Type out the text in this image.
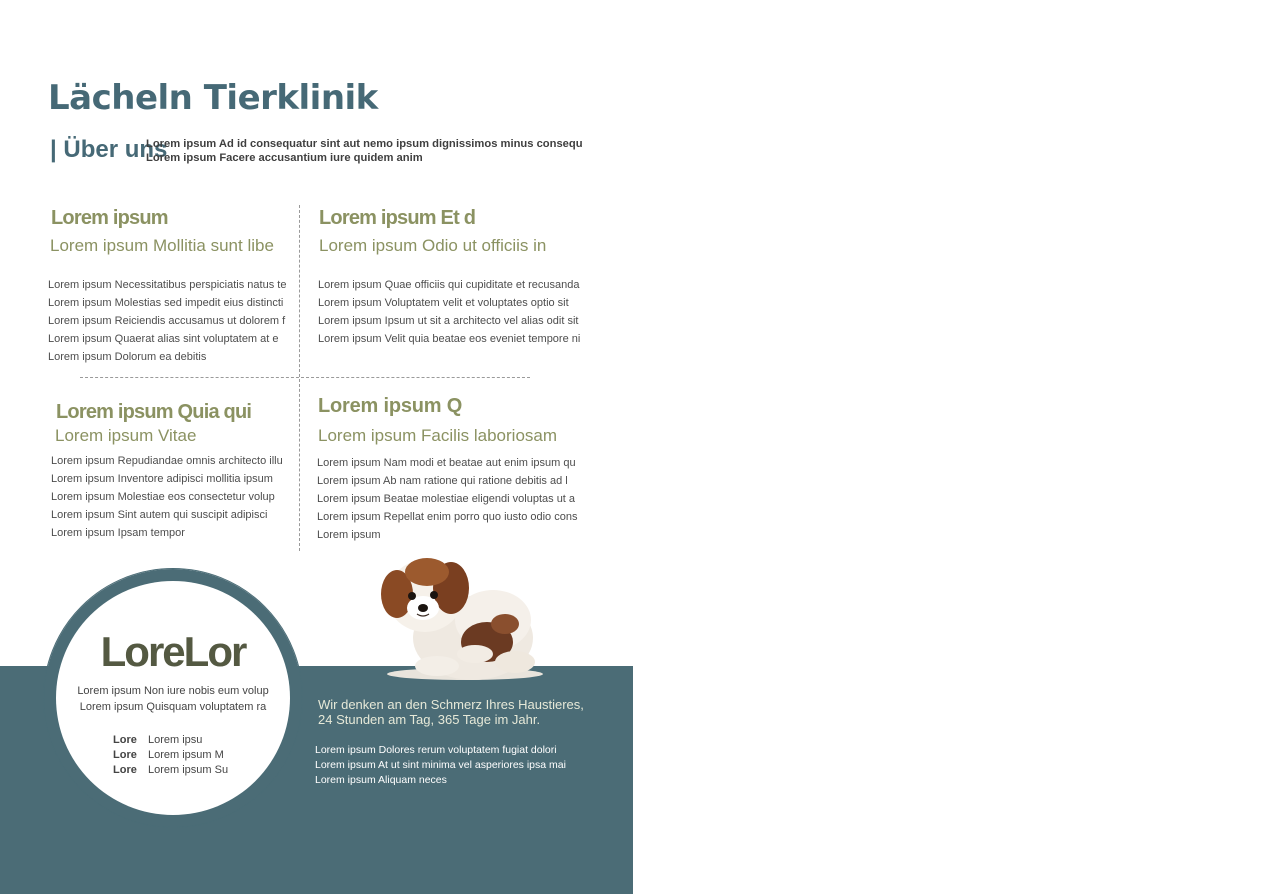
Lächeln Tierklinik
| Über uns
Lorem ipsum Ad id consequatur sint aut nemo ipsum dignissimos minus consequ
Lorem ipsum Facere accusantium iure quidem anim
Lorem ipsum
Lorem ipsum Mollitia sunt libe
Lorem ipsum Necessitatibus perspiciatis natus te
Lorem ipsum Molestias sed impedit eius distincti
Lorem ipsum Reiciendis accusamus ut dolorem f
Lorem ipsum Quaerat alias sint voluptatem at e
Lorem ipsum Dolorum ea debitis
Lorem ipsum Et d
Lorem ipsum Odio ut officiis in
Lorem ipsum Quae officiis qui cupiditate et recusanda
Lorem ipsum Voluptatem velit et voluptates optio sit
Lorem ipsum Ipsum ut sit a architecto vel alias odit sit
Lorem ipsum Velit quia beatae eos eveniet tempore ni
Lorem ipsum Quia qui
Lorem ipsum Vitae
Lorem ipsum Repudiandae omnis architecto illu
Lorem ipsum Inventore adipisci mollitia ipsum
Lorem ipsum Molestiae eos consectetur volup
Lorem ipsum Sint autem qui suscipit adipisci
Lorem ipsum Ipsam tempor
Lorem ipsum Q
Lorem ipsum Facilis laboriosam
Lorem ipsum Nam modi et beatae aut enim ipsum qu
Lorem ipsum Ab nam ratione qui ratione debitis ad l
Lorem ipsum Beatae molestiae eligendi voluptas ut a
Lorem ipsum Repellat enim porro quo iusto odio cons
Lorem ipsum
LoreLor
Lorem ipsum Non iure nobis eum volup
Lorem ipsum Quisquam voluptatem ra
Lore Lorem ipsu
Lore Lorem ipsum M
Lore Lorem ipsum Su
Wir denken an den Schmerz Ihres Haustieres,
24 Stunden am Tag, 365 Tage im Jahr.
Lorem ipsum Dolores rerum voluptatem fugiat dolori
Lorem ipsum At ut sint minima vel asperiores ipsa mai
Lorem ipsum Aliquam neces
